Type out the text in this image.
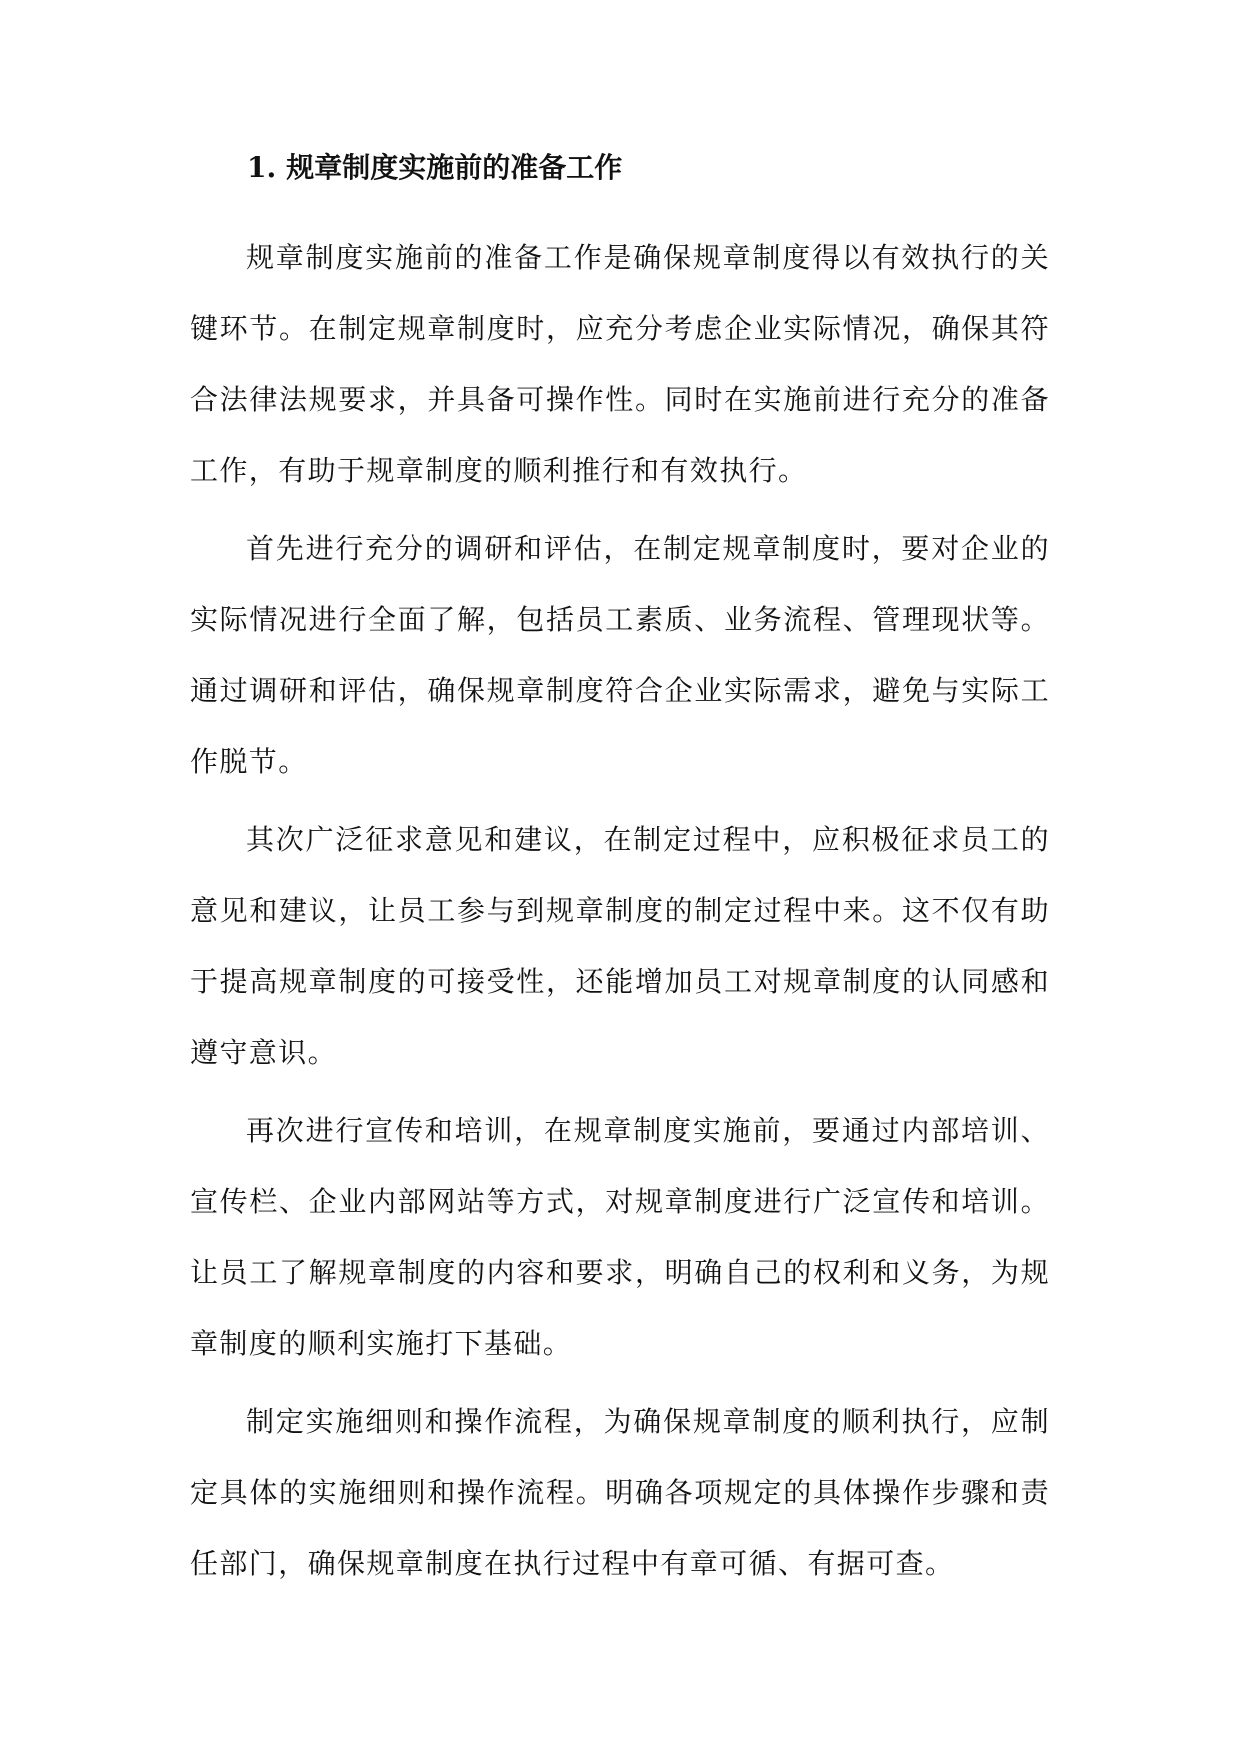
1. 规章制度实施前的准备工作

规章制度实施前的准备工作是确保规章制度得以有效执行的关键环节。在制定规章制度时，应充分考虑企业实际情况，确保其符合法律法规要求，并具备可操作性。同时在实施前进行充分的准备工作，有助于规章制度的顺利推行和有效执行。

首先进行充分的调研和评估，在制定规章制度时，要对企业的实际情况进行全面了解，包括员工素质、业务流程、管理现状等。通过调研和评估，确保规章制度符合企业实际需求，避免与实际工作脱节。

其次广泛征求意见和建议，在制定过程中，应积极征求员工的意见和建议，让员工参与到规章制度的制定过程中来。这不仅有助于提高规章制度的可接受性，还能增加员工对规章制度的认同感和遵守意识。

再次进行宣传和培训，在规章制度实施前，要通过内部培训、宣传栏、企业内部网站等方式，对规章制度进行广泛宣传和培训。让员工了解规章制度的内容和要求，明确自己的权利和义务，为规章制度的顺利实施打下基础。

制定实施细则和操作流程，为确保规章制度的顺利执行，应制定具体的实施细则和操作流程。明确各项规定的具体操作步骤和责任部门，确保规章制度在执行过程中有章可循、有据可查。
